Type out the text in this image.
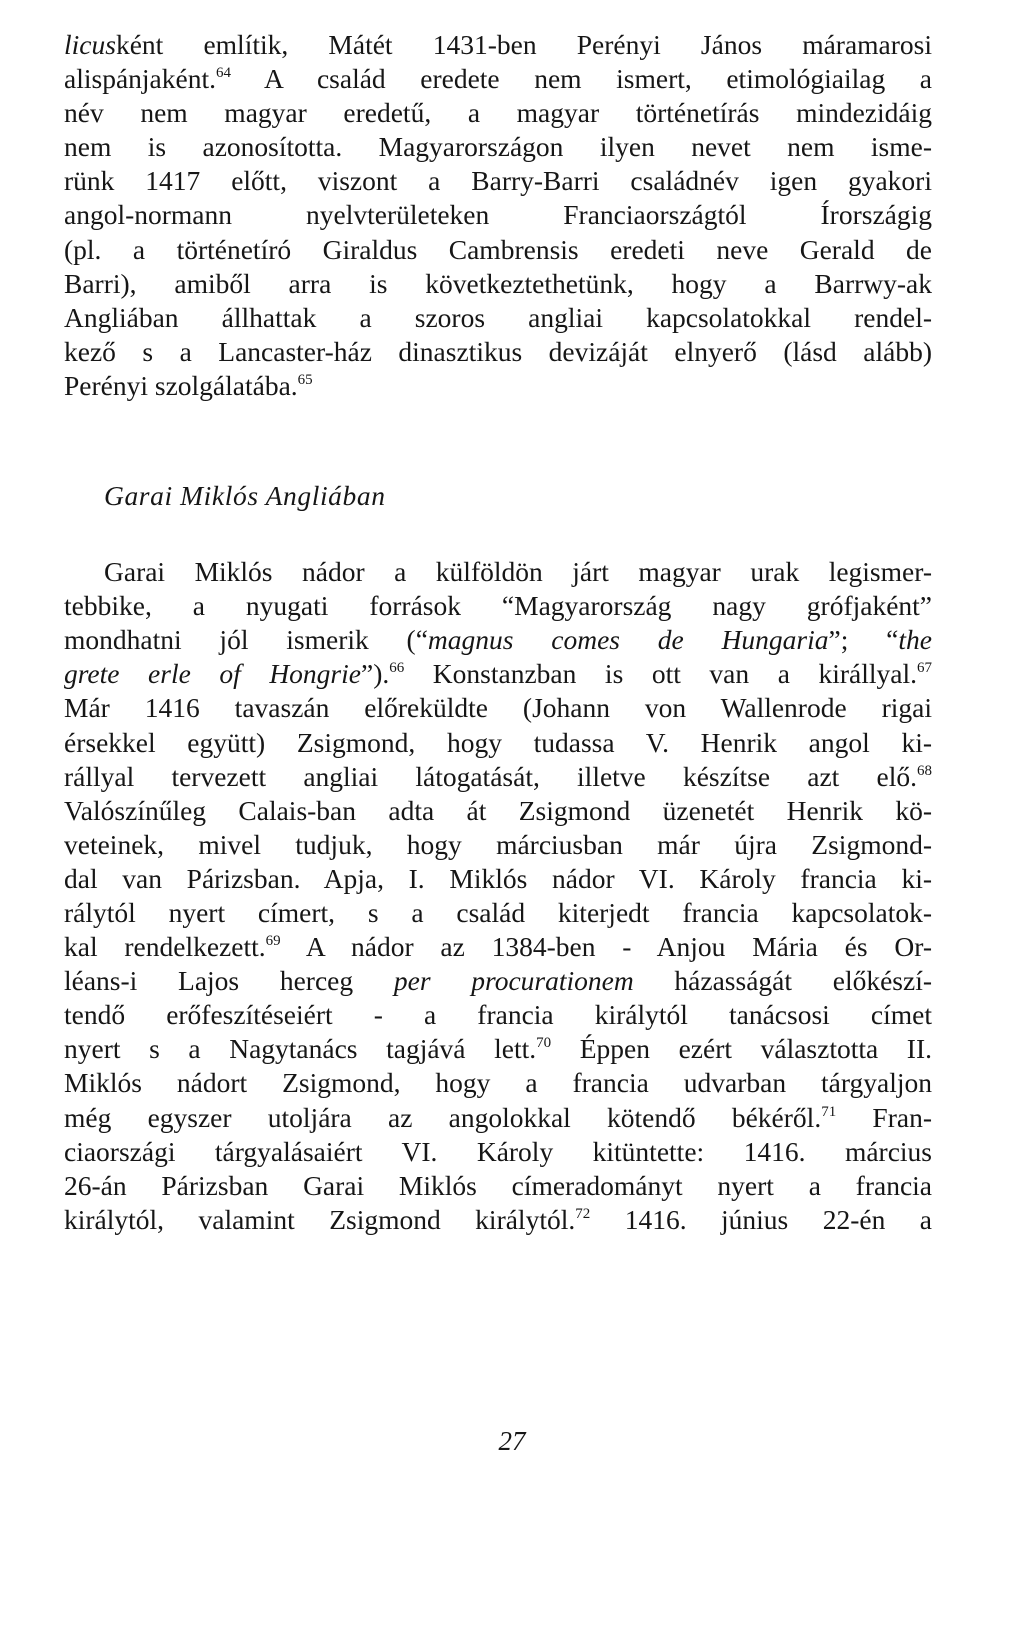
licusként említik, Mátét 1431-ben Perényi János máramarosi
alispánjaként.$^{64}$ A család eredete nem ismert, etimológiailag a
név nem magyar eredetű, a magyar történetírás mindezidáig
nem is azonosította. Magyarországon ilyen nevet nem isme-
rünk 1417 előtt, viszont a Barry-Barri családnév igen gyakori
angol-normann nyelvterületeken Franciaországtól Írországig
(pl. a történetíró Giraldus Cambrensis eredeti neve Gerald de
Barri), amiből arra is következtethetünk, hogy a Barrwy-ak
Angliában állhattak a szoros angliai kapcsolatokkal rendel-
kező s a Lancaster-ház dinasztikus devizáját elnyerő (lásd alább)
Perényi szolgálatába.$^{65}$
Garai Miklós Angliában
Garai Miklós nádor a külföldön járt magyar urak legismer-
tebbike, a nyugati források “Magyarország nagy grófjaként”
mondhatni jól ismerik (“magnus comes de Hungaria”; “the
grete erle of Hongrie”).$^{66}$ Konstanzban is ott van a királlyal.$^{67}$
Már 1416 tavaszán előreküldte (Johann von Wallenrode rigai
érsekkel együtt) Zsigmond, hogy tudassa V. Henrik angol ki-
rállyal tervezett angliai látogatását, illetve készítse azt elő.$^{68}$
Valószínűleg Calais-ban adta át Zsigmond üzenetét Henrik kö-
veteinek, mivel tudjuk, hogy márciusban már újra Zsigmond-
dal van Párizsban. Apja, I. Miklós nádor VI. Károly francia ki-
rálytól nyert címert, s a család kiterjedt francia kapcsolatok-
kal rendelkezett.$^{69}$ A nádor az 1384-ben - Anjou Mária és Or-
léans-i Lajos herceg per procurationem házasságát előkészí-
tendő erőfeszítéseiért - a francia királytól tanácsosi címet
nyert s a Nagytanács tagjává lett.$^{70}$ Éppen ezért választotta II.
Miklós nádort Zsigmond, hogy a francia udvarban tárgyaljon
még egyszer utoljára az angolokkal kötendő békéről.$^{71}$ Fran-
ciaországi tárgyalásaiért VI. Károly kitüntette: 1416. március
26-án Párizsban Garai Miklós címeradományt nyert a francia
királytól, valamint Zsigmond királytól.$^{72}$ 1416. június 22-én a
27
